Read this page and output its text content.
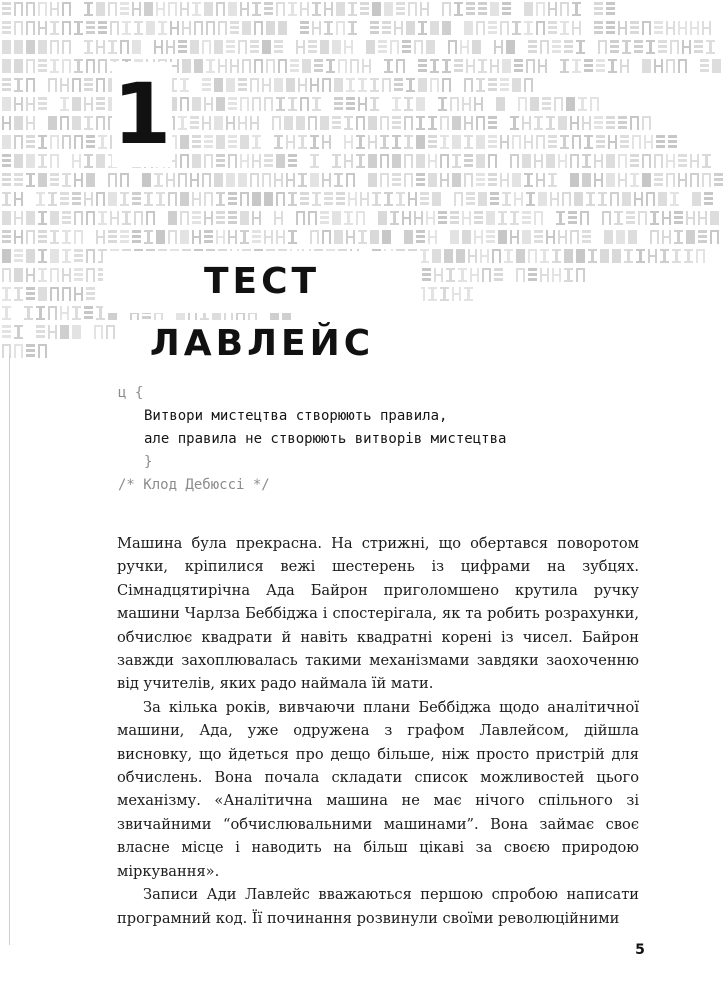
1
ТЕСТ ЛАВЛЕЙС
ц {
Витвори мистецтва створюють правила,
але правила не створюють витворів мистецтва
}
/* Клод Дебюссі */

Машина була прекрасна. На стрижні, що обертався поворотом ручки, кріпилися вежі шестерень із цифрами на зубцях. Сімнадцятирічна Ада Байрон приголомшено крутила ручку машини Чарлза Беббіджа і спостерігала, як та робить розрахунки, обчислює квадрати й навіть квадратні корені із чисел. Байрон завжди захоплювалась такими механізмами завдяки заохоченню від учителів, яких радо наймала їй мати.

За кілька років, вивчаючи плани Беббіджа щодо аналітичної машини, Ада, уже одружена з графом Лавлейсом, дійшла висновку, що йдеться про дещо більше, ніж просто пристрій для обчислень. Вона почала складати список можливостей цього механізму. «Аналітична машина не має нічого спільного зі звичайними “обчислювальними машинами”. Вона займає своє власне місце і наводить на більш цікаві за своєю природою міркування».

Записи Ади Лавлейс вважаються першою спробою написати програмний код. Її починання розвинули своїми революційними

5
